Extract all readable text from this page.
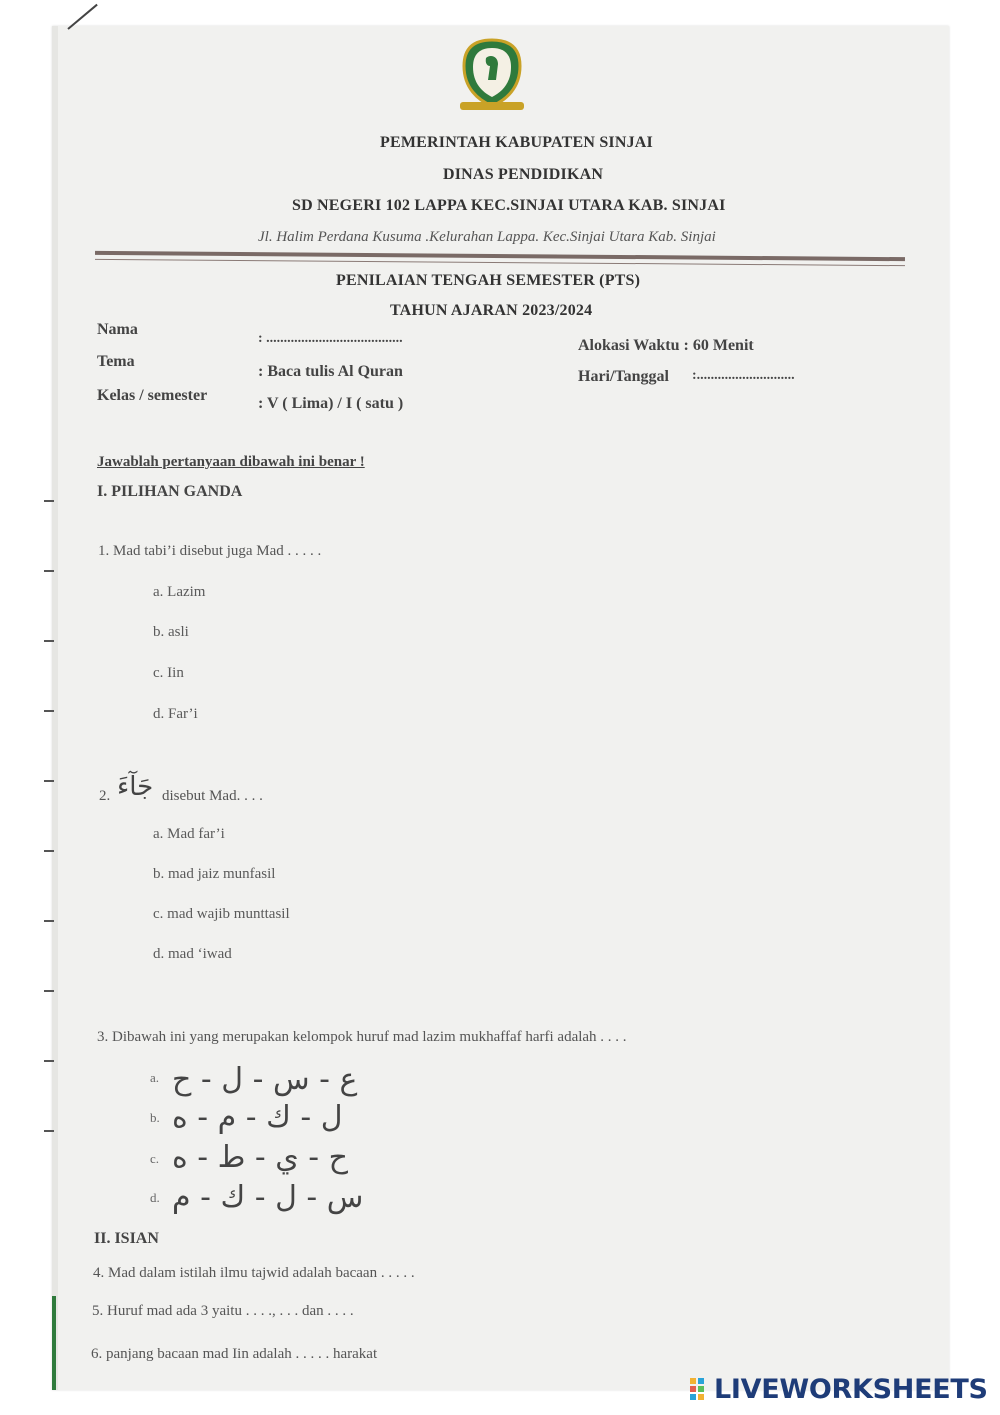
PEMERINTAH KABUPATEN SINJAI
DINAS PENDIDIKAN
SD NEGERI 102 LAPPA KEC.SINJAI UTARA KAB. SINJAI
Jl. Halim Perdana Kusuma .Kelurahan Lappa. Kec.Sinjai Utara Kab. Sinjai
PENILAIAN TENGAH SEMESTER (PTS)
TAHUN AJARAN 2023/2024
Nama
: .......................................
Tema
: Baca tulis Al Quran
Kelas / semester	: V ( Lima) / I ( satu )
Alokasi Waktu : 60 Menit
Hari/Tanggal :............................
Jawablah pertanyaan dibawah ini benar !
I. PILIHAN GANDA
1. Mad tabi’i disebut juga Mad . . . . .
a. Lazim
b. asli
c. Iin
d. Far’i
2. جَآءَ disebut Mad. . . .
a. Mad far’i
b. mad jaiz munfasil
c. mad wajib munttasil
d. mad ‘iwad
3. Dibawah ini yang merupakan kelompok huruf mad lazim mukhaffaf harfi adalah . . . .
a. ع - س - ل - ح
b. ل - ك - م - ه
c. ح - ي - ط - ه
d. س - ل - ك - م
II. ISIAN
4. Mad dalam istilah ilmu tajwid adalah bacaan . . . . .
5. Huruf mad ada 3 yaitu . . . ., . . . dan . . . .
6. panjang bacaan mad Iin adalah . . . . . harakat
LIVEWORKSHEETS
